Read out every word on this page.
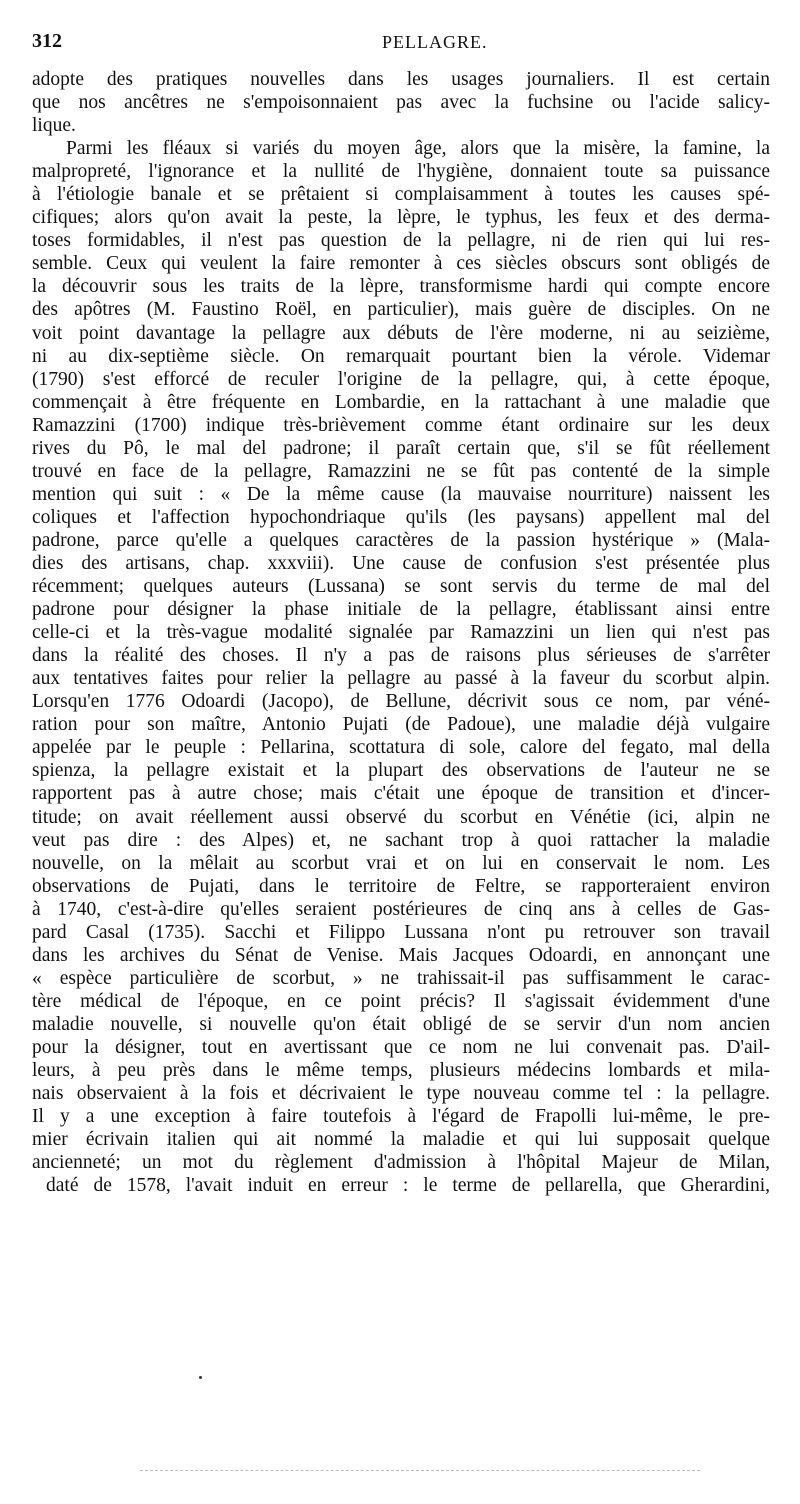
312	PELLAGRE.
adopte des pratiques nouvelles dans les usages journaliers. Il est certain
que nos ancêtres ne s'empoisonnaient pas avec la fuchsine ou l'acide salicy-
lique.
Parmi les fléaux si variés du moyen âge, alors que la misère, la famine, la
malpropreté, l'ignorance et la nullité de l'hygiène, donnaient toute sa puissance
à l'étiologie banale et se prêtaient si complaisamment à toutes les causes spé-
cifiques; alors qu'on avait la peste, la lèpre, le typhus, les feux et des derma-
toses formidables, il n'est pas question de la pellagre, ni de rien qui lui res-
semble. Ceux qui veulent la faire remonter à ces siècles obscurs sont obligés de
la découvrir sous les traits de la lèpre, transformisme hardi qui compte encore
des apôtres (M. Faustino Roël, en particulier), mais guère de disciples. On ne
voit point davantage la pellagre aux débuts de l'ère moderne, ni au seizième,
ni au dix-septième siècle. On remarquait pourtant bien la vérole. Videmar
(1790) s'est efforcé de reculer l'origine de la pellagre, qui, à cette époque,
commençait à être fréquente en Lombardie, en la rattachant à une maladie que
Ramazzini (1700) indique très-brièvement comme étant ordinaire sur les deux
rives du Pô, le mal del padrone; il paraît certain que, s'il se fût réellement
trouvé en face de la pellagre, Ramazzini ne se fût pas contenté de la simple
mention qui suit : « De la même cause (la mauvaise nourriture) naissent les
coliques et l'affection hypochondriaque qu'ils (les paysans) appellent mal del
padrone, parce qu'elle a quelques caractères de la passion hystérique » (Mala-
dies des artisans, chap. xxxviii). Une cause de confusion s'est présentée plus
récemment; quelques auteurs (Lussana) se sont servis du terme de mal del
padrone pour désigner la phase initiale de la pellagre, établissant ainsi entre
celle-ci et la très-vague modalité signalée par Ramazzini un lien qui n'est pas
dans la réalité des choses. Il n'y a pas de raisons plus sérieuses de s'arrêter
aux tentatives faites pour relier la pellagre au passé à la faveur du scorbut alpin.
Lorsqu'en 1776 Odoardi (Jacopo), de Bellune, décrivit sous ce nom, par véné-
ration pour son maître, Antonio Pujati (de Padoue), une maladie déjà vulgaire
appelée par le peuple : Pellarina, scottatura di sole, calore del fegato, mal della
spienza, la pellagre existait et la plupart des observations de l'auteur ne se
rapportent pas à autre chose; mais c'était une époque de transition et d'incer-
titude; on avait réellement aussi observé du scorbut en Vénétie (ici, alpin ne
veut pas dire : des Alpes) et, ne sachant trop à quoi rattacher la maladie
nouvelle, on la mêlait au scorbut vrai et on lui en conservait le nom. Les
observations de Pujati, dans le territoire de Feltre, se rapporteraient environ
à 1740, c'est-à-dire qu'elles seraient postérieures de cinq ans à celles de Gas-
pard Casal (1735). Sacchi et Filippo Lussana n'ont pu retrouver son travail
dans les archives du Sénat de Venise. Mais Jacques Odoardi, en annonçant une
« espèce particulière de scorbut, » ne trahissait-il pas suffisamment le carac-
tère médical de l'époque, en ce point précis? Il s'agissait évidemment d'une
maladie nouvelle, si nouvelle qu'on était obligé de se servir d'un nom ancien
pour la désigner, tout en avertissant que ce nom ne lui convenait pas. D'ail-
leurs, à peu près dans le même temps, plusieurs médecins lombards et mila-
nais observaient à la fois et décrivaient le type nouveau comme tel : la pellagre.
Il y a une exception à faire toutefois à l'égard de Frapolli lui-même, le pre-
mier écrivain italien qui ait nommé la maladie et qui lui supposait quelque
ancienneté; un mot du règlement d'admission à l'hôpital Majeur de Milan,
daté de 1578, l'avait induit en erreur : le terme de pellarella, que Gherardini,
